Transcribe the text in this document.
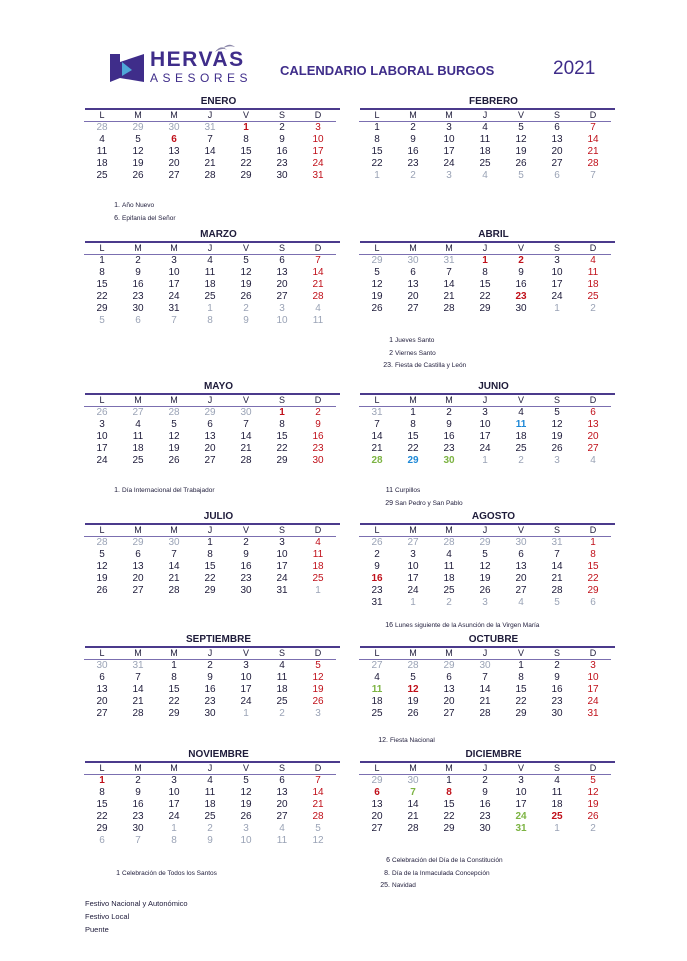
HERVAS
ASESORES CALENDARIO LABORAL BURGOS	2021
ENERO
L	M	M	J	V	S	D
28	29	30	31	1	2	3
4	5	6	7	8	9	10
11	12	13	14	15	16	17
18	19	20	21	22	23	24
25	26	27	28	29	30	31
1. Año Nuevo
6. Epifanía del Señor
FEBRERO
L	M	M	J	V	S	D
1	2	3	4	5	6	7
8	9	10	11	12	13	14
15	16	17	18	19	20	21
22	23	24	25	26	27	28
1	2	3	4	5	6	7
MARZO
L	M	M	J	V	S	D
1	2	3	4	5	6	7
8	9	10	11	12	13	14
15	16	17	18	19	20	21
22	23	24	25	26	27	28
29	30	31	1	2	3	4
5	6	7	8	9	10	11
ABRIL
L	M	M	J	V	S	D
29	30	31	1	2	3	4
5	6	7	8	9	10	11
12	13	14	15	16	17	18
19	20	21	22	23	24	25
26	27	28	29	30	1	2
1 Jueves Santo
2 Viernes Santo
23. Fiesta de Castilla y León
MAYO
L	M	M	J	V	S	D
26	27	28	29	30	1	2
3	4	5	6	7	8	9
10	11	12	13	14	15	16
17	18	19	20	21	22	23
24	25	26	27	28	29	30
1. Día Internacional del Trabajador
JUNIO
L	M	M	J	V	S	D
31	1	2	3	4	5	6
7	8	9	10	11	12	13
14	15	16	17	18	19	20
21	22	23	24	25	26	27
28	29	30	1	2	3	4
11 Curpillos
29 San Pedro y San Pablo
JULIO
L	M	M	J	V	S	D
28	29	30	1	2	3	4
5	6	7	8	9	10	11
12	13	14	15	16	17	18
19	20	21	22	23	24	25
26	27	28	29	30	31	1
AGOSTO
L	M	M	J	V	S	D
26	27	28	29	30	31	1
2	3	4	5	6	7	8
9	10	11	12	13	14	15
16	17	18	19	20	21	22
23	24	25	26	27	28	29
31	1	2	3	4	5	6
16 Lunes siguiente de la Asunción de la Virgen María
SEPTIEMBRE
L	M	M	J	V	S	D
30	31	1	2	3	4	5
6	7	8	9	10	11	12
13	14	15	16	17	18	19
20	21	22	23	24	25	26
27	28	29	30	1	2	3
OCTUBRE
L	M	M	J	V	S	D
27	28	29	30	1	2	3
4	5	6	7	8	9	10
11	12	13	14	15	16	17
18	19	20	21	22	23	24
25	26	27	28	29	30	31
12. Fiesta Nacional
NOVIEMBRE
L	M	M	J	V	S	D
1	2	3	4	5	6	7
8	9	10	11	12	13	14
15	16	17	18	19	20	21
22	23	24	25	26	27	28
29	30	1	2	3	4	5
6	7	8	9	10	11	12
1 Celebración de Todos los Santos
DICIEMBRE
L	M	M	J	V	S	D
29	30	1	2	3	4	5
6	7	8	9	10	11	12
13	14	15	16	17	18	19
20	21	22	23	24	25	26
27	28	29	30	31	1	2
6 Celebración del Día de la Constitución
8. Día de la Inmaculada Concepción
25. Navidad
Festivo Nacional y Autonómico
Festivo Local
Puente
